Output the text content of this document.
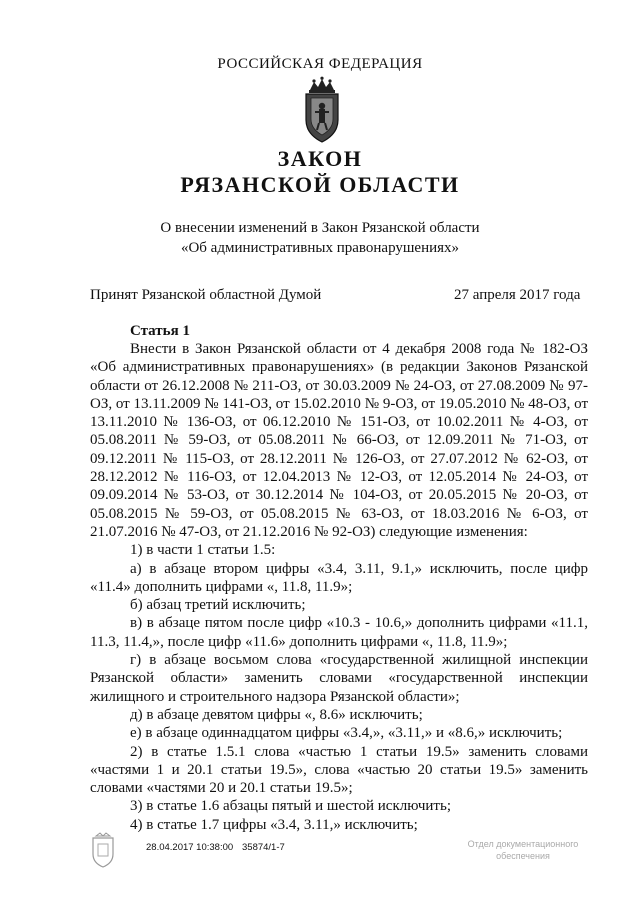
РОССИЙСКАЯ ФЕДЕРАЦИЯ
ЗАКОН
РЯЗАНСКОЙ ОБЛАСТИ
О внесении изменений в Закон Рязанской области
«Об административных правонарушениях»
Принят Рязанской областной Думой	27 апреля 2017 года
Статья 1

Внести в Закон Рязанской области от 4 декабря 2008 года № 182-ОЗ «Об административных правонарушениях» (в редакции Законов Рязанской области от 26.12.2008 № 211-ОЗ, от 30.03.2009 № 24-ОЗ, от 27.08.2009 № 97-ОЗ, от 13.11.2009 № 141-ОЗ, от 15.02.2010 № 9-ОЗ, от 19.05.2010 № 48-ОЗ, от 13.11.2010 № 136-ОЗ, от 06.12.2010 № 151-ОЗ, от 10.02.2011 № 4-ОЗ, от 05.08.2011 № 59-ОЗ, от 05.08.2011 № 66-ОЗ, от 12.09.2011 № 71-ОЗ, от 09.12.2011 № 115-ОЗ, от 28.12.2011 № 126-ОЗ, от 27.07.2012 № 62-ОЗ, от 28.12.2012 № 116-ОЗ, от 12.04.2013 № 12-ОЗ, от 12.05.2014 № 24-ОЗ, от 09.09.2014 № 53-ОЗ, от 30.12.2014 № 104-ОЗ, от 20.05.2015 № 20-ОЗ, от 05.08.2015 № 59-ОЗ, от 05.08.2015 № 63-ОЗ, от 18.03.2016 № 6-ОЗ, от 21.07.2016 № 47-ОЗ, от 21.12.2016 № 92-ОЗ) следующие изменения:

1) в части 1 статьи 1.5:

а) в абзаце втором цифры «3.4, 3.11, 9.1,» исключить, после цифр «11.4» дополнить цифрами «, 11.8, 11.9»;

б) абзац третий исключить;

в) в абзаце пятом после цифр «10.3 - 10.6,» дополнить цифрами «11.1, 11.3, 11.4,», после цифр «11.6» дополнить цифрами «, 11.8, 11.9»;

г) в абзаце восьмом слова «государственной жилищной инспекции Рязанской области» заменить словами «государственной инспекции жилищного и строительного надзора Рязанской области»;

д) в абзаце девятом цифры «, 8.6» исключить;

е) в абзаце одиннадцатом цифры «3.4,», «3.11,» и «8.6,» исключить;

2) в статье 1.5.1 слова «частью 1 статьи 19.5» заменить словами «частями 1 и 20.1 статьи 19.5», слова «частью 20 статьи 19.5» заменить словами «частями 20 и 20.1 статьи 19.5»;

3) в статье 1.6 абзацы пятый и шестой исключить;

4) в статье 1.7 цифры «3.4, 3.11,» исключить;

28.04.2017 10:38:00 35874/1-7	Отдел документационного
обеспечения
